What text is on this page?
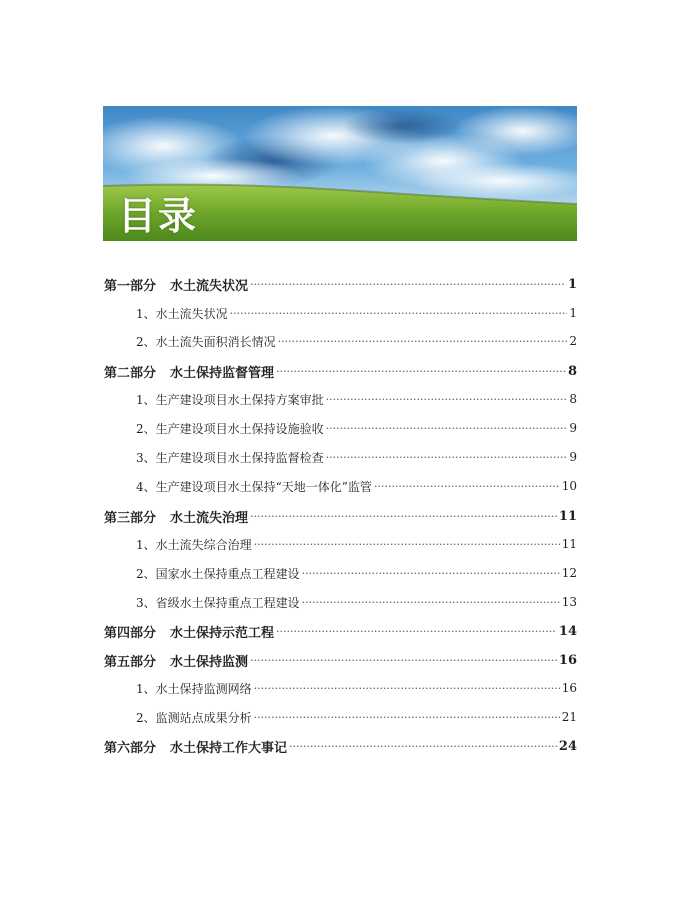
目录
第一部分 水土流失状况 ·····	1
1、水土流失状况 ·····	1
2、水土流失面积消长情况 ·····	2
第二部分 水土保持监督管理 ·····	8
1、生产建设项目水土保持方案审批 ·····	8
2、生产建设项目水土保持设施验收 ·····	9
3、生产建设项目水土保持监督检查 ·····	9
4、生产建设项目水土保持“天地一体化”监管 ·····	10
第三部分 水土流失治理 ·····	11
1、水土流失综合治理 ·····	11
2、国家水土保持重点工程建设 ·····	12
3、省级水土保持重点工程建设 ·····	13
第四部分 水土保持示范工程 ·····	14
第五部分 水土保持监测 ·····	16
1、水土保持监测网络 ·····	16
2、监测站点成果分析 ·····	21
第六部分 水土保持工作大事记 ·····	24
